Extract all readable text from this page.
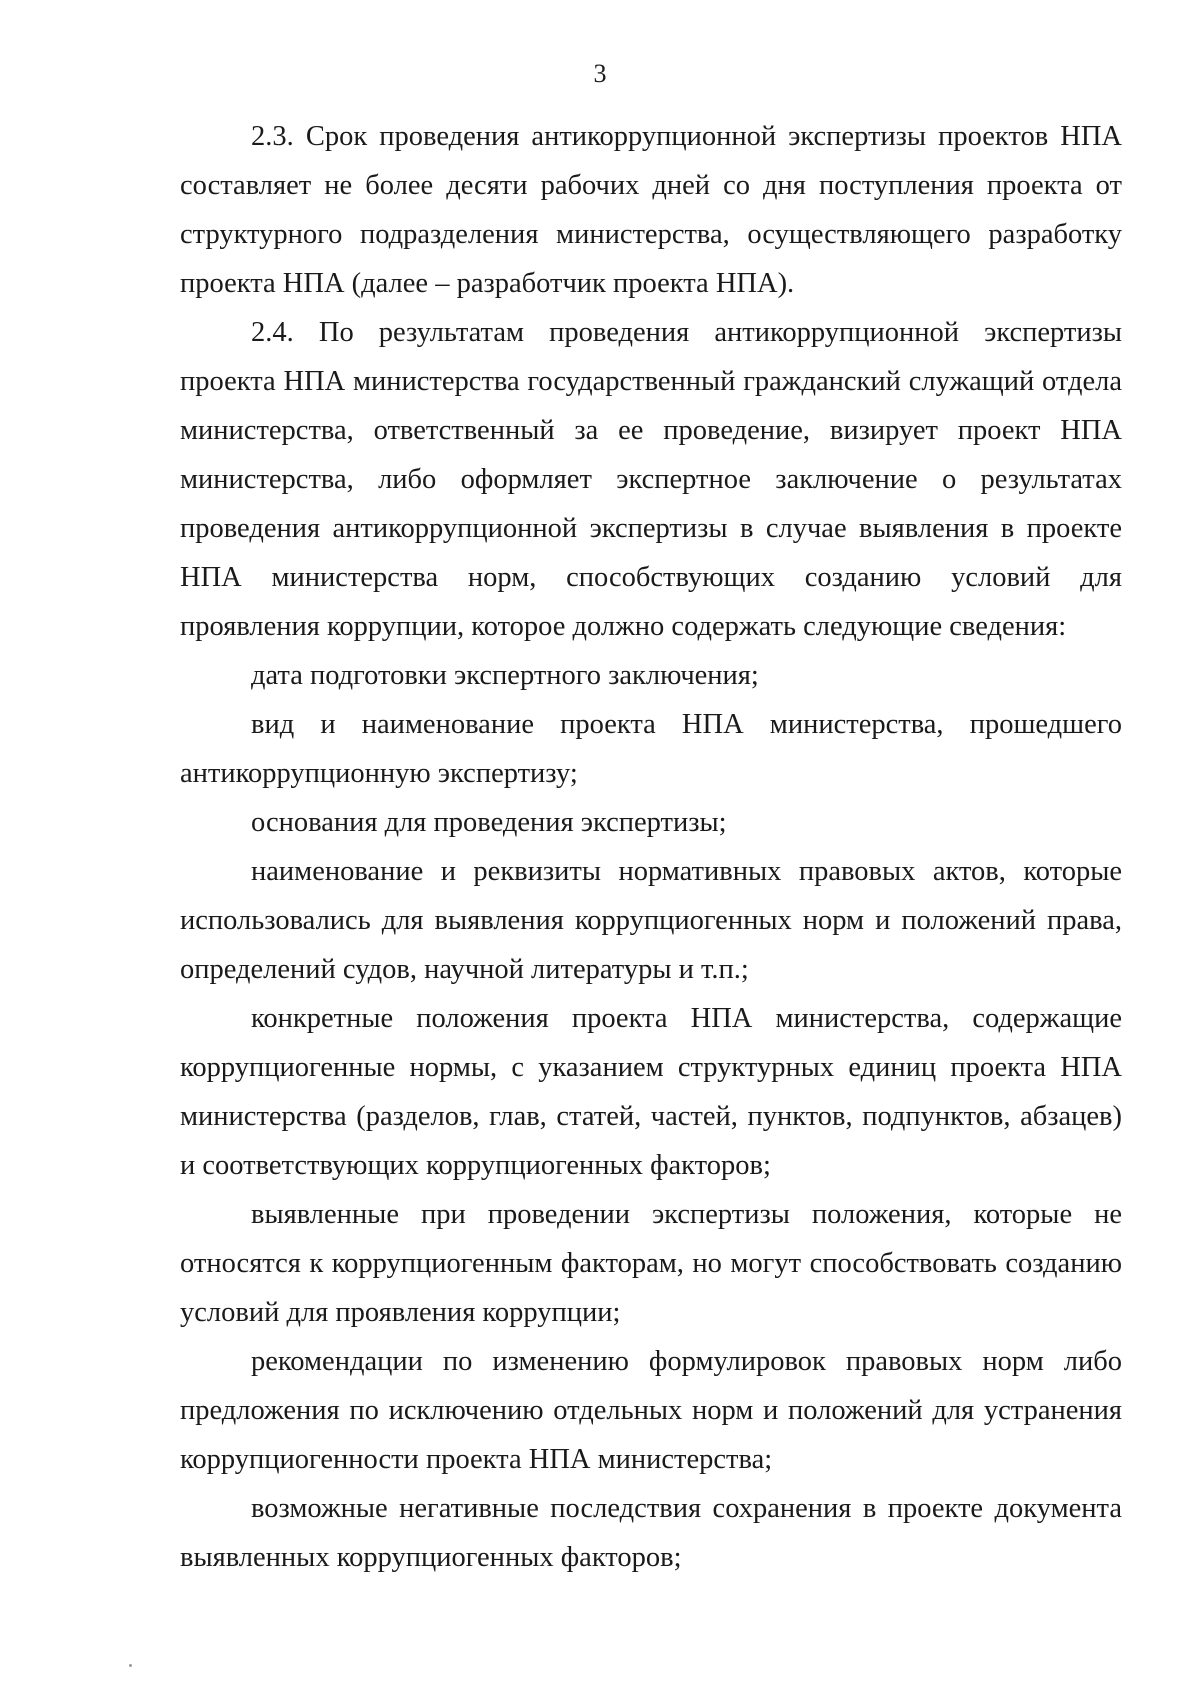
3

2.3. Срок проведения антикоррупционной экспертизы проектов НПА составляет не более десяти рабочих дней со дня поступления проекта от структурного подразделения министерства, осуществляющего разработку проекта НПА (далее – разработчик проекта НПА).

2.4. По результатам проведения антикоррупционной экспертизы проекта НПА министерства государственный гражданский служащий отдела министерства, ответственный за ее проведение, визирует проект НПА министерства, либо оформляет экспертное заключение о результатах проведения антикоррупционной экспертизы в случае выявления в проекте НПА министерства норм, способствующих созданию условий для проявления коррупции, которое должно содержать следующие сведения:

дата подготовки экспертного заключения;

вид и наименование проекта НПА министерства, прошедшего антикоррупционную экспертизу;

основания для проведения экспертизы;

наименование и реквизиты нормативных правовых актов, которые использовались для выявления коррупциогенных норм и положений права, определений судов, научной литературы и т.п.;

конкретные положения проекта НПА министерства, содержащие коррупциогенные нормы, с указанием структурных единиц проекта НПА министерства (разделов, глав, статей, частей, пунктов, подпунктов, абзацев) и соответствующих коррупциогенных факторов;

выявленные при проведении экспертизы положения, которые не относятся к коррупциогенным факторам, но могут способствовать созданию условий для проявления коррупции;

рекомендации по изменению формулировок правовых норм либо предложения по исключению отдельных норм и положений для устранения коррупциогенности проекта НПА министерства;

возможные негативные последствия сохранения в проекте документа выявленных коррупциогенных факторов;
